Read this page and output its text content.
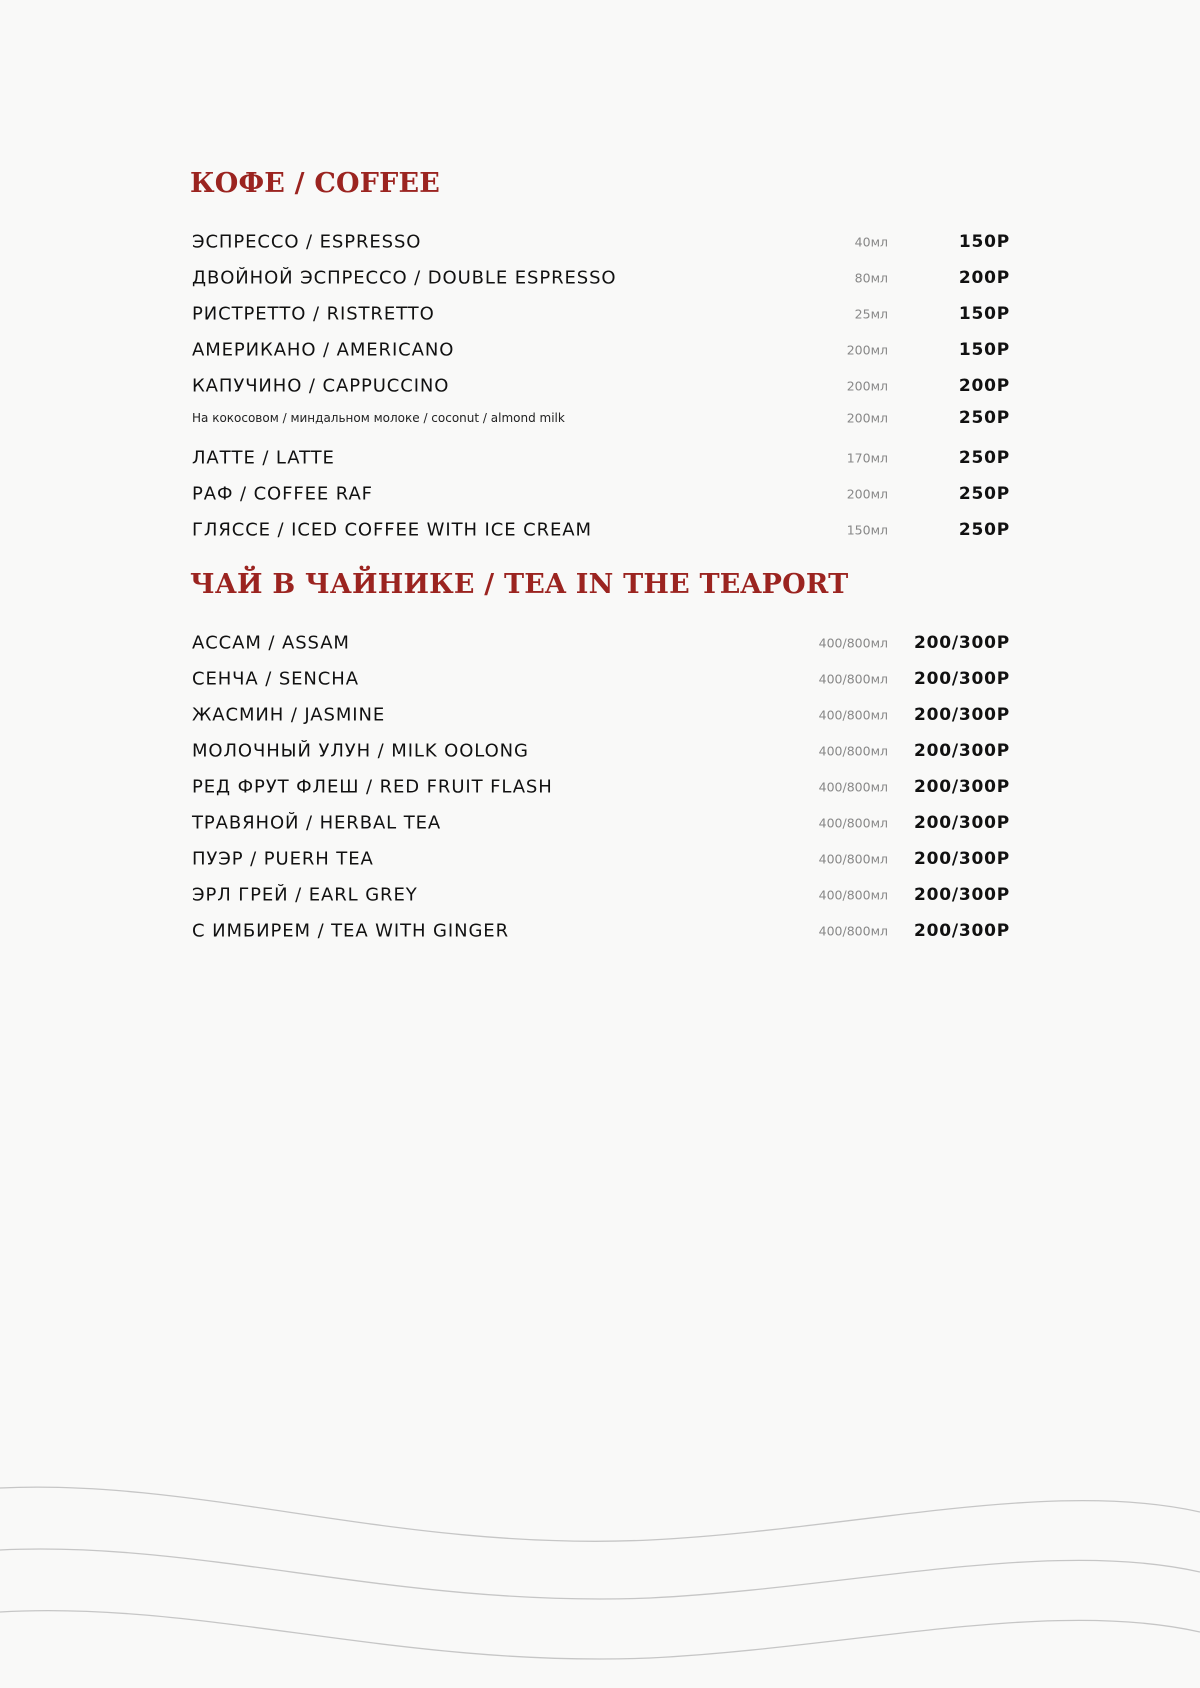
КОФЕ / COFFEE
ЭСПРЕССО / ESPRESSO	40мл	150Р
ДВОЙНОЙ ЭСПРЕССО / DOUBLE ESPRESSO	80мл	200Р
РИСТРЕТТО / RISTRETTO	25мл	150Р
АМЕРИКАНО / AMERICANO	200мл	150Р
КАПУЧИНО / CAPPUCCINO	200мл	200Р
На кокосовом / миндальном молоке / coconut / almond milk	200мл	250Р
ЛАТТЕ / LATTE	170мл	250Р
РАФ / COFFEE RAF	200мл	250Р
ГЛЯССЕ / ICED COFFEE WITH ICE CREAM	150мл	250Р
ЧАЙ В ЧАЙНИКЕ / TEA IN THE TEAPORT
АССАМ / ASSAM	400/800мл 200/300Р
СЕНЧА / SENCHA	400/800мл 200/300Р
ЖАСМИН / JASMINE	400/800мл 200/300Р
МОЛОЧНЫЙ УЛУН / MILK OOLONG	400/800мл 200/300Р
РЕД ФРУТ ФЛЕШ / RED FRUIT FLASH	400/800мл 200/300Р
ТРАВЯНОЙ / HERBAL TEA	400/800мл 200/300Р
ПУЭР / PUERH TEA	400/800мл 200/300Р
ЭРЛ ГРЕЙ / EARL GREY	400/800мл 200/300Р
С ИМБИРЕМ / TEA WITH GINGER	400/800мл 200/300Р
